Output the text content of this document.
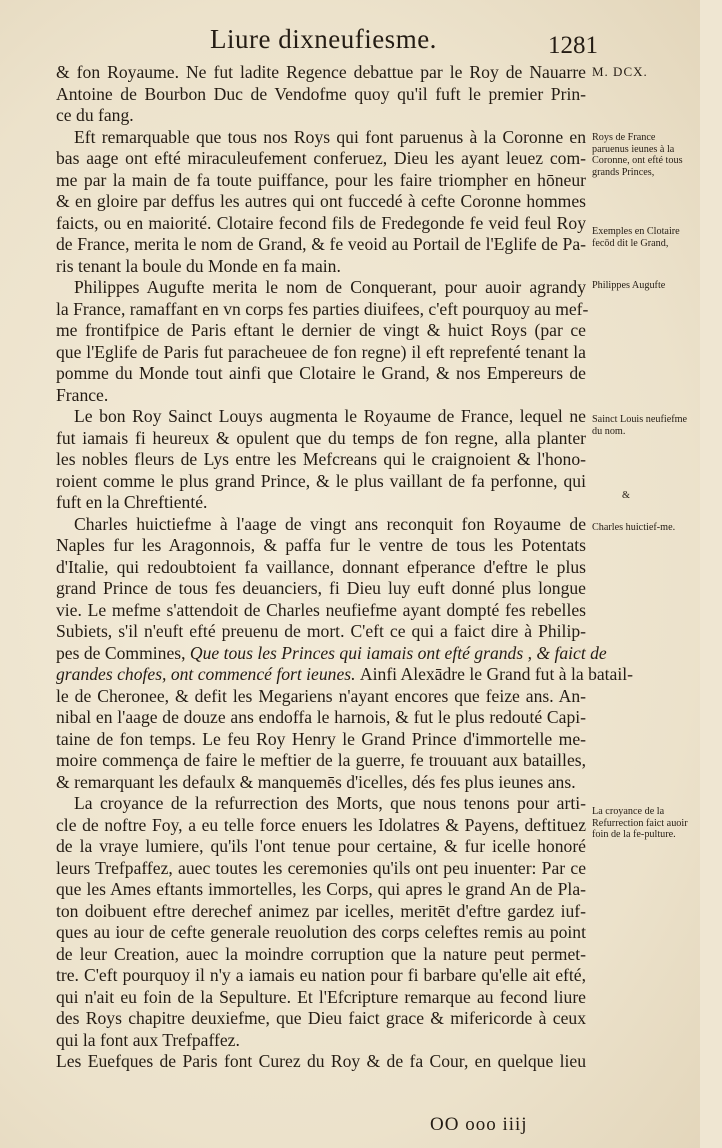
Liure dixneufiesme.	1281
& fon Royaume. Ne fut ladite Regence debattue par le Roy de Nauarre
Antoine de Bourbon Duc de Vendofme quoy qu'il fuft le premier Prin-
ce du fang.
Eft remarquable que tous nos Roys qui font paruenus à la Coronne en
bas aage ont efté miraculeufement conferuez, Dieu les ayant leuez com-
me par la main de fa toute puiffance, pour les faire triompher en hōneur
& en gloire par deffus les autres qui ont fuccedé à cefte Coronne hommes
faicts, ou en maiorité. Clotaire fecond fils de Fredegonde fe veid feul Roy
de France, merita le nom de Grand, & fe veoid au Portail de l'Eglife de Pa-
ris tenant la boule du Monde en fa main.
Philippes Augufte merita le nom de Conquerant, pour auoir agrandy
la France, ramaffant en vn corps fes parties diuifees, c'eft pourquoy au mef-
me frontifpice de Paris eftant le dernier de vingt & huict Roys (par ce
que l'Eglife de Paris fut paracheuee de fon regne) il eft reprefenté tenant la
pomme du Monde tout ainfi que Clotaire le Grand, & nos Empereurs de
France.
Le bon Roy Sainct Louys augmenta le Royaume de France, lequel ne
fut iamais fi heureux & opulent que du temps de fon regne, alla planter
les nobles fleurs de Lys entre les Mefcreans qui le craignoient & l'hono-
roient comme le plus grand Prince, & le plus vaillant de fa perfonne, qui
fuft en la Chreftienté.
Charles huictiefme à l'aage de vingt ans reconquit fon Royaume de
Naples fur les Aragonnois, & paffa fur le ventre de tous les Potentats
d'Italie, qui redoubtoient fa vaillance, donnant efperance d'eftre le plus
grand Prince de tous fes deuanciers, fi Dieu luy euft donné plus longue
vie. Le mefme s'attendoit de Charles neufiefme ayant dompté fes rebelles
Subiets, s'il n'euft efté preuenu de mort. C'eft ce qui a faict dire à Philip-
pes de Commines, Que tous les Princes qui iamais ont efté grands , & faict de
grandes chofes, ont commencé fort ieunes. Ainfi Alexādre le Grand fut à la batail-
le de Cheronee, & defit les Megariens n'ayant encores que feize ans. An-
nibal en l'aage de douze ans endoffa le harnois, & fut le plus redouté Capi-
taine de fon temps. Le feu Roy Henry le Grand Prince d'immortelle me-
moire commença de faire le meftier de la guerre, fe trouuant aux batailles,
& remarquant les defaulx & manquemēs d'icelles, dés fes plus ieunes ans.
La croyance de la refurrection des Morts, que nous tenons pour arti-
cle de noftre Foy, a eu telle force enuers les Idolatres & Payens, deftituez
de la vraye lumiere, qu'ils l'ont tenue pour certaine, & fur icelle honoré
leurs Trefpaffez, auec toutes les ceremonies qu'ils ont peu inuenter: Par ce
que les Ames eftants immortelles, les Corps, qui apres le grand An de Pla-
ton doibuent eftre derechef animez par icelles, meritēt d'eftre gardez iuf-
ques au iour de cefte generale reuolution des corps celeftes remis au point
de leur Creation, auec la moindre corruption que la nature peut permet-
tre. C'eft pourquoy il n'y a iamais eu nation pour fi barbare qu'elle ait efté,
qui n'ait eu foin de la Sepulture. Et l'Efcripture remarque au fecond liure
des Roys chapitre deuxiefme, que Dieu faict grace & mifericorde à ceux
qui la font aux Trefpaffez.
Les Euefques de Paris font Curez du Roy & de fa Cour, en quelque lieu
M. DCX.
Roys de France paruenus ieunes à la Coronne, ont efté tous grands Princes,
Exemples en Clotaire fecōd dit le Grand,
Philippes Augufte
Sainct Louis neufiefme du nom.
&
Charles huictief-me.
La croyance de la Refurrection faict auoir foin de la fe-pulture.
OO ooo iiij
